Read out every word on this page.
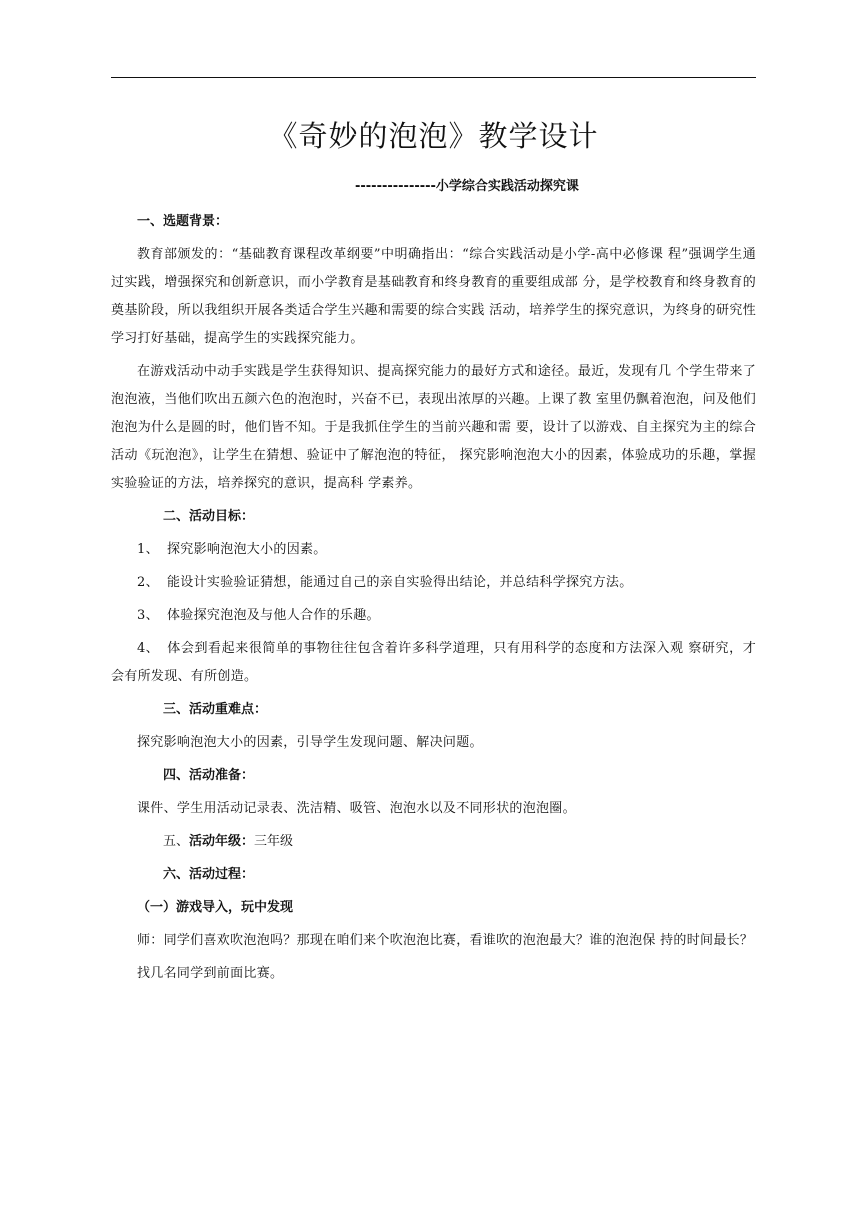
《奇妙的泡泡》教学设计
---------------小学综合实践活动探究课
一、选题背景：

教育部颁发的：“基础教育课程改革纲要”中明确指出：“综合实践活动是小学-高中必修课 程”强调学生通过实践，增强探究和创新意识，而小学教育是基础教育和终身教育的重要组成部 分，是学校教育和终身教育的奠基阶段，所以我组织开展各类适合学生兴趣和需要的综合实践 活动，培养学生的探究意识，为终身的研究性学习打好基础，提高学生的实践探究能力。

在游戏活动中动手实践是学生获得知识、提高探究能力的最好方式和途径。最近，发现有几 个学生带来了泡泡液，当他们吹出五颜六色的泡泡时，兴奋不已，表现出浓厚的兴趣。上课了教 室里仍飘着泡泡，问及他们泡泡为什么是圆的时，他们皆不知。于是我抓住学生的当前兴趣和需 要，设计了以游戏、自主探究为主的综合活动《玩泡泡》，让学生在猜想、验证中了解泡泡的特征， 探究影响泡泡大小的因素，体验成功的乐趣，掌握实验验证的方法，培养探究的意识，提高科 学素养。

二、活动目标：
1、 探究影响泡泡大小的因素。
2、 能设计实验验证猜想，能通过自己的亲自实验得出结论，并总结科学探究方法。
3、 体验探究泡泡及与他人合作的乐趣。
4、 体会到看起来很简单的事物往往包含着许多科学道理，只有用科学的态度和方法深入观 察研究，才会有所发现、有所创造。
三、活动重难点：

探究影响泡泡大小的因素，引导学生发现问题、解决问题。

四、活动准备：

课件、学生用活动记录表、洗洁精、吸管、泡泡水以及不同形状的泡泡圈。

五、活动年级：三年级
六、活动过程：
（一）游戏导入，玩中发现

师：同学们喜欢吹泡泡吗？那现在咱们来个吹泡泡比赛，看谁吹的泡泡最大？谁的泡泡保 持的时间最长？

找几名同学到前面比赛。
